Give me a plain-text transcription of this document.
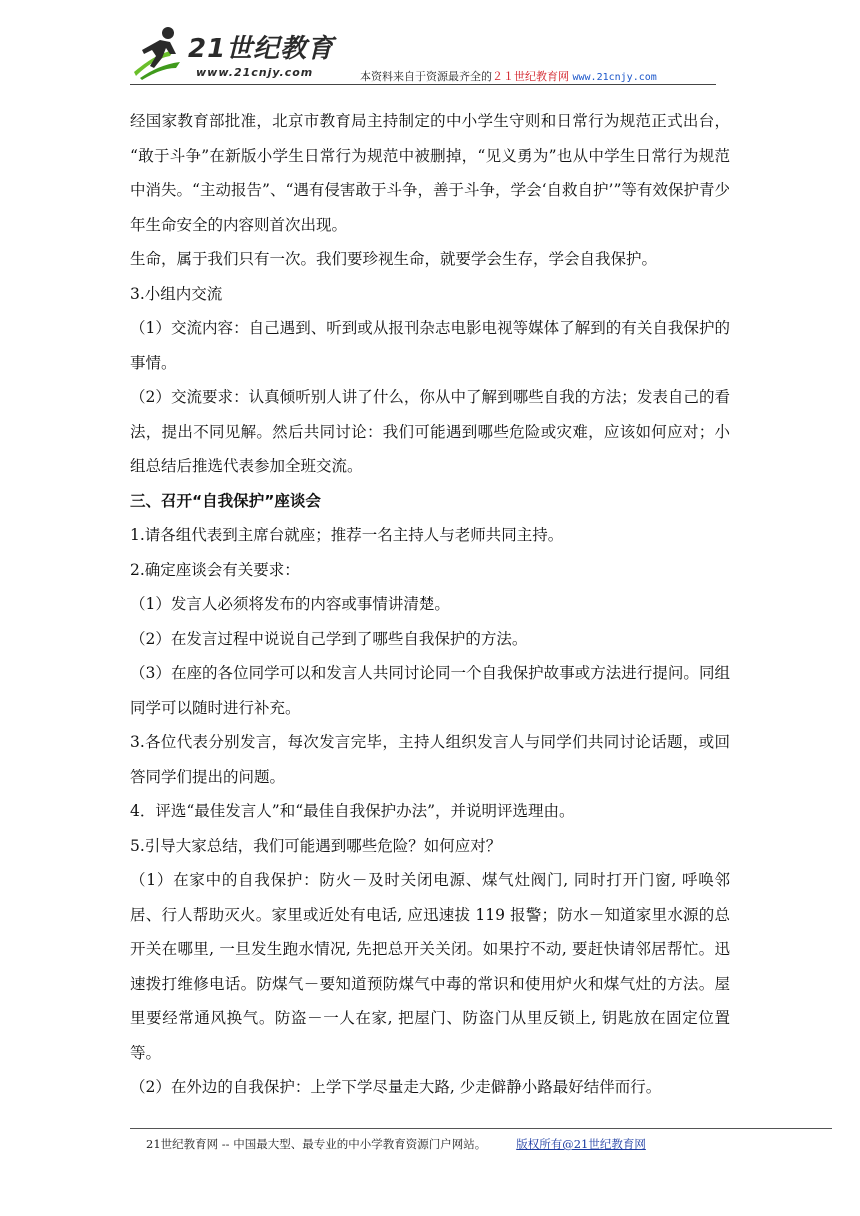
21世纪教育
www.21cnjy.com	本资料来自于资源最齐全的２１世纪教育网 www.21cnjy.com

经国家教育部批准，北京市教育局主持制定的中小学生守则和日常行为规范正式出台， “敢于斗争”在新版小学生日常行为规范中被删掉，“见义勇为”也从中学生日常行为规范中消失。“主动报告”、“遇有侵害敢于斗争，善于斗争，学会‘自救自护’”等有效保护青少年生命安全的内容则首次出现。

生命，属于我们只有一次。我们要珍视生命，就要学会生存，学会自我保护。

3.小组内交流

（1）交流内容：自己遇到、听到或从报刊杂志电影电视等媒体了解到的有关自我保护的事情。

（2）交流要求：认真倾听别人讲了什么，你从中了解到哪些自我的方法；发表自己的看法，提出不同见解。然后共同讨论：我们可能遇到哪些危险或灾难，应该如何应对；小组总结后推选代表参加全班交流。

三、召开“自我保护”座谈会

1.请各组代表到主席台就座；推荐一名主持人与老师共同主持。

2.确定座谈会有关要求：

（1）发言人必须将发布的内容或事情讲清楚。

（2）在发言过程中说说自己学到了哪些自我保护的方法。

（3）在座的各位同学可以和发言人共同讨论同一个自我保护故事或方法进行提问。同组同学可以随时进行补充。

3.各位代表分别发言，每次发言完毕，主持人组织发言人与同学们共同讨论话题，或回答同学们提出的问题。

4．评选“最佳发言人”和“最佳自我保护办法”，并说明评选理由。

5.引导大家总结，我们可能遇到哪些危险？如何应对？

（1）在家中的自我保护：防火－及时关闭电源、煤气灶阀门, 同时打开门窗, 呼唤邻居、行人帮助灭火。家里或近处有电话, 应迅速拔 119 报警；防水－知道家里水源的总开关在哪里, 一旦发生跑水情况, 先把总开关关闭。如果拧不动, 要赶快请邻居帮忙。迅速拨打维修电话。防煤气－要知道预防煤气中毒的常识和使用炉火和煤气灶的方法。屋里要经常通风换气。防盗－一人在家, 把屋门、防盗门从里反锁上, 钥匙放在固定位置等。

（2）在外边的自我保护：上学下学尽量走大路, 少走僻静小路最好结伴而行。

21世纪教育网 -- 中国最大型、最专业的中小学教育资源门户网站。	版权所有@21世纪教育网
